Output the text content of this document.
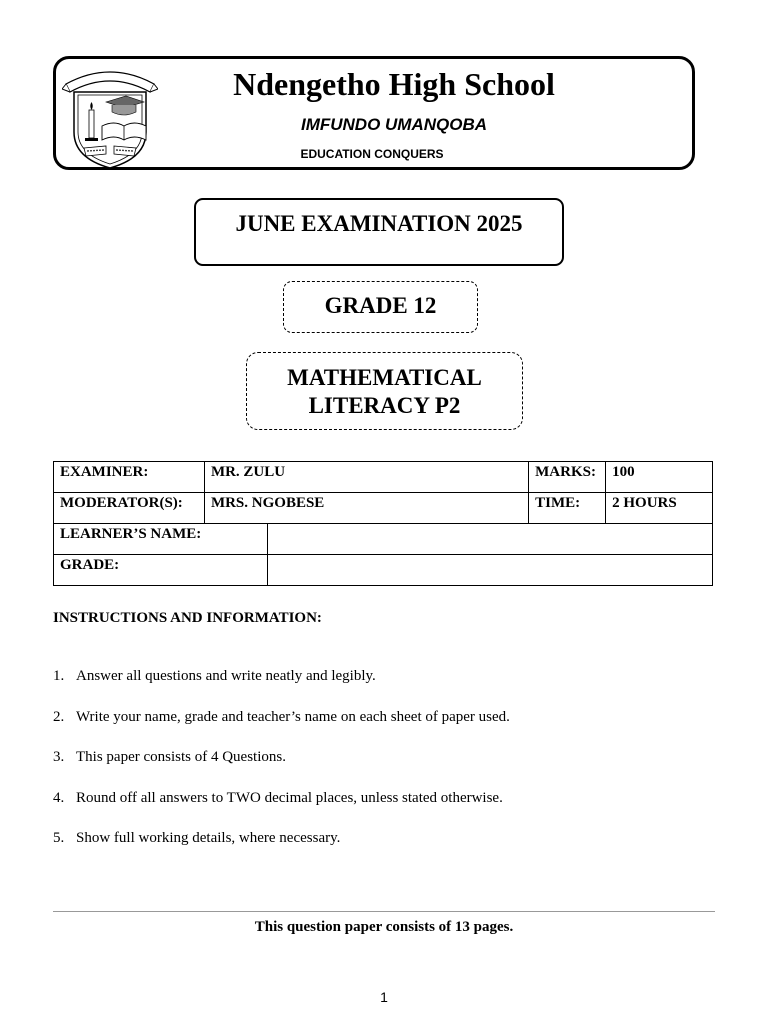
Ndengetho High School
IMFUNDO UMANQOBA
EDUCATION CONQUERS
JUNE EXAMINATION 2025
GRADE 12
MATHEMATICAL
LITERACY P2
EXAMINER:	MR. ZULU		MARKS:	100
MODERATOR(S):	MRS. NGOBESE		TIME:	2 HOURS
LEARNER’S NAME:				
GRADE:				
INSTRUCTIONS AND INFORMATION:
1. Answer all questions and write neatly and legibly.
2. Write your name, grade and teacher’s name on each sheet of paper used.
3. This paper consists of 4 Questions.
4. Round off all answers to TWO decimal places, unless stated otherwise.
5. Show full working details, where necessary.
This question paper consists of 13 pages.
1
